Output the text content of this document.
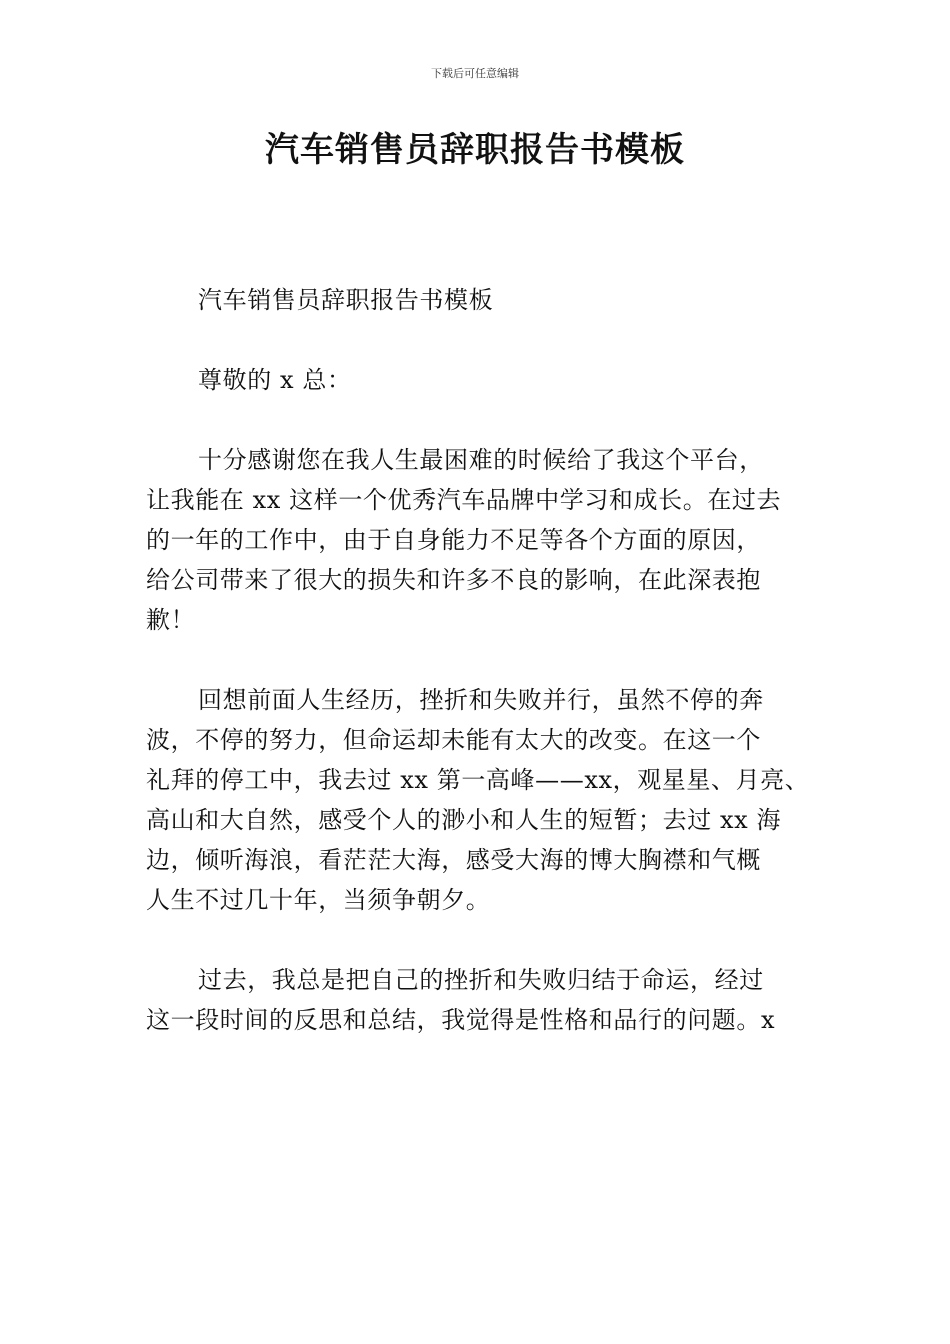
下载后可任意编辑
汽车销售员辞职报告书模板

汽车销售员辞职报告书模板

尊敬的 x 总：

十分感谢您在我人生最困难的时候给了我这个平台，
让我能在 xx 这样一个优秀汽车品牌中学习和成长。在过去
的一年的工作中，由于自身能力不足等各个方面的原因，
给公司带来了很大的损失和许多不良的影响，在此深表抱
歉！

回想前面人生经历，挫折和失败并行，虽然不停的奔
波，不停的努力，但命运却未能有太大的改变。在这一个
礼拜的停工中，我去过 xx 第一高峰——xx，观星星、月亮、
高山和大自然，感受个人的渺小和人生的短暂；去过 xx 海
边，倾听海浪，看茫茫大海，感受大海的博大胸襟和气概
人生不过几十年，当须争朝夕。

过去，我总是把自己的挫折和失败归结于命运，经过
这一段时间的反思和总结，我觉得是性格和品行的问题。x
